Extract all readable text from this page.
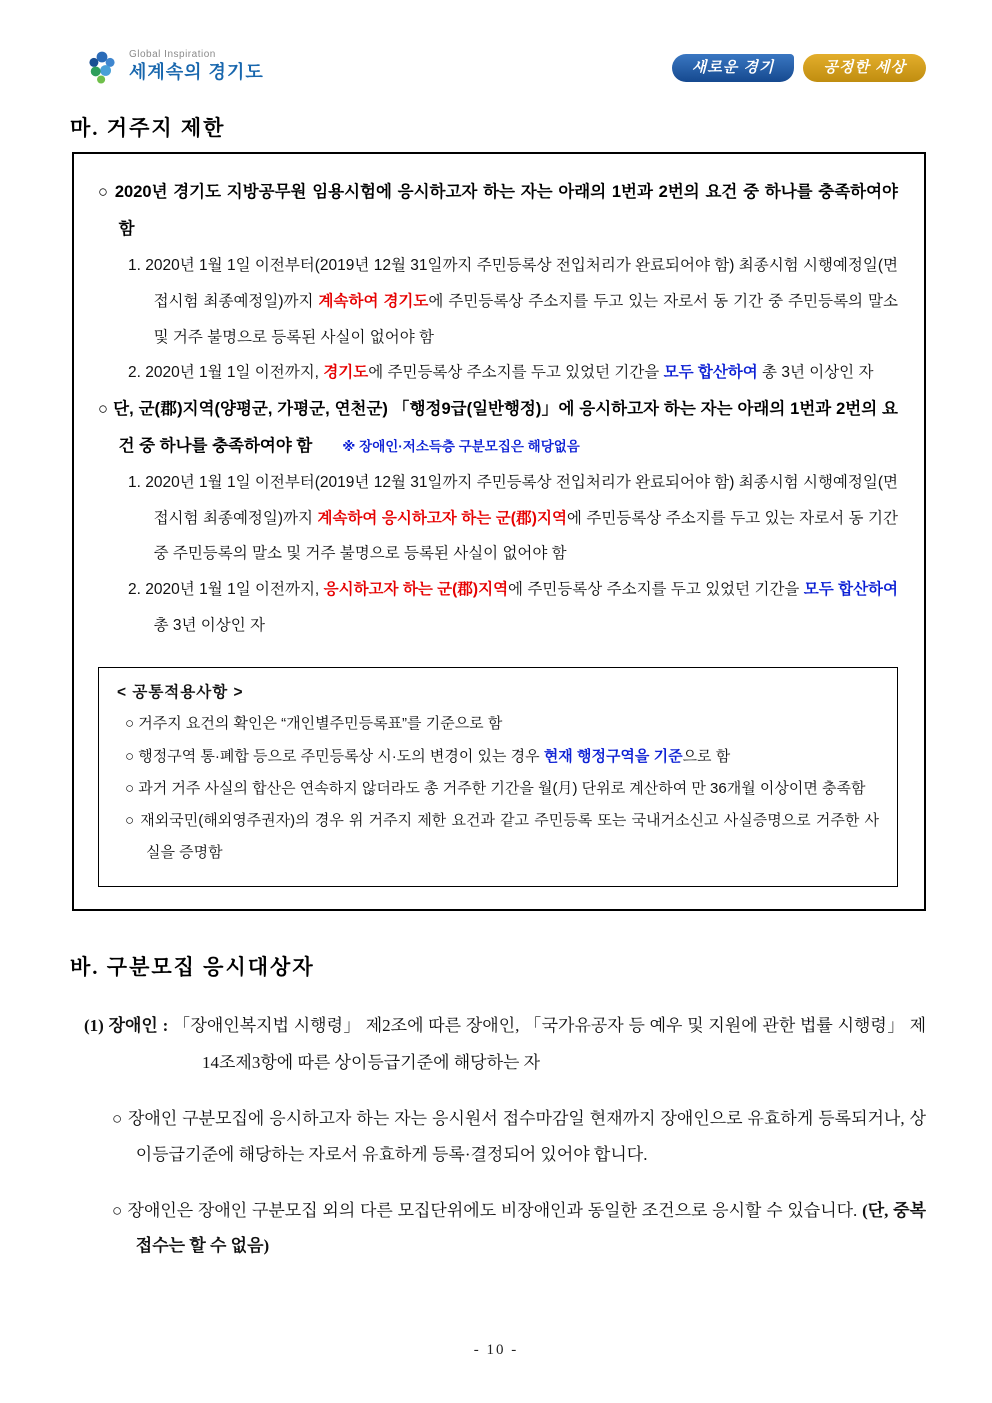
Global Inspiration
세계속의 경기도	새로운 경기	공정한 세상
마. 거주지 제한
○ 2020년 경기도 지방공무원 임용시험에 응시하고자 하는 자는 아래의 1번과 2번의 요건 중 하나를 충족하여야 함
1. 2020년 1월 1일 이전부터(2019년 12월 31일까지 주민등록상 전입처리가 완료되어야 함) 최종시험 시행예정일(면접시험 최종예정일)까지 계속하여 경기도에 주민등록상 주소지를 두고 있는 자로서 동 기간 중 주민등록의 말소 및 거주 불명으로 등록된 사실이 없어야 함
2. 2020년 1월 1일 이전까지, 경기도에 주민등록상 주소지를 두고 있었던 기간을 모두 합산하여 총 3년 이상인 자
○ 단, 군(郡)지역(양평군, 가평군, 연천군) 「행정9급(일반행정)」에 응시하고자 하는 자는 아래의 1번과 2번의 요건 중 하나를 충족하여야 함 ※ 장애인·저소득층 구분모집은 해당없음
1. 2020년 1월 1일 이전부터(2019년 12월 31일까지 주민등록상 전입처리가 완료되어야 함) 최종시험 시행예정일(면접시험 최종예정일)까지 계속하여 응시하고자 하는 군(郡)지역에 주민등록상 주소지를 두고 있는 자로서 동 기간 중 주민등록의 말소 및 거주 불명으로 등록된 사실이 없어야 함
2. 2020년 1월 1일 이전까지, 응시하고자 하는 군(郡)지역에 주민등록상 주소지를 두고 있었던 기간을 모두 합산하여 총 3년 이상인 자
< 공통적용사항 >
○ 거주지 요건의 확인은 “개인별주민등록표”를 기준으로 함
○ 행정구역 통·폐합 등으로 주민등록상 시·도의 변경이 있는 경우 현재 행정구역을 기준으로 함
○ 과거 거주 사실의 합산은 연속하지 않더라도 총 거주한 기간을 월(月) 단위로 계산하여 만 36개월 이상이면 충족함
○ 재외국민(해외영주권자)의 경우 위 거주지 제한 요건과 같고 주민등록 또는 국내거소신고 사실증명으로 거주한 사실을 증명함
바. 구분모집 응시대상자
(1) 장애인 : 「장애인복지법 시행령」 제2조에 따른 장애인, 「국가유공자 등 예우 및 지원에 관한 법률 시행령」 제14조제3항에 따른 상이등급기준에 해당하는 자
○ 장애인 구분모집에 응시하고자 하는 자는 응시원서 접수마감일 현재까지 장애인으로 유효하게 등록되거나, 상이등급기준에 해당하는 자로서 유효하게 등록·결정되어 있어야 합니다.
○ 장애인은 장애인 구분모집 외의 다른 모집단위에도 비장애인과 동일한 조건으로 응시할 수 있습니다. (단, 중복접수는 할 수 없음)
- 10 -
